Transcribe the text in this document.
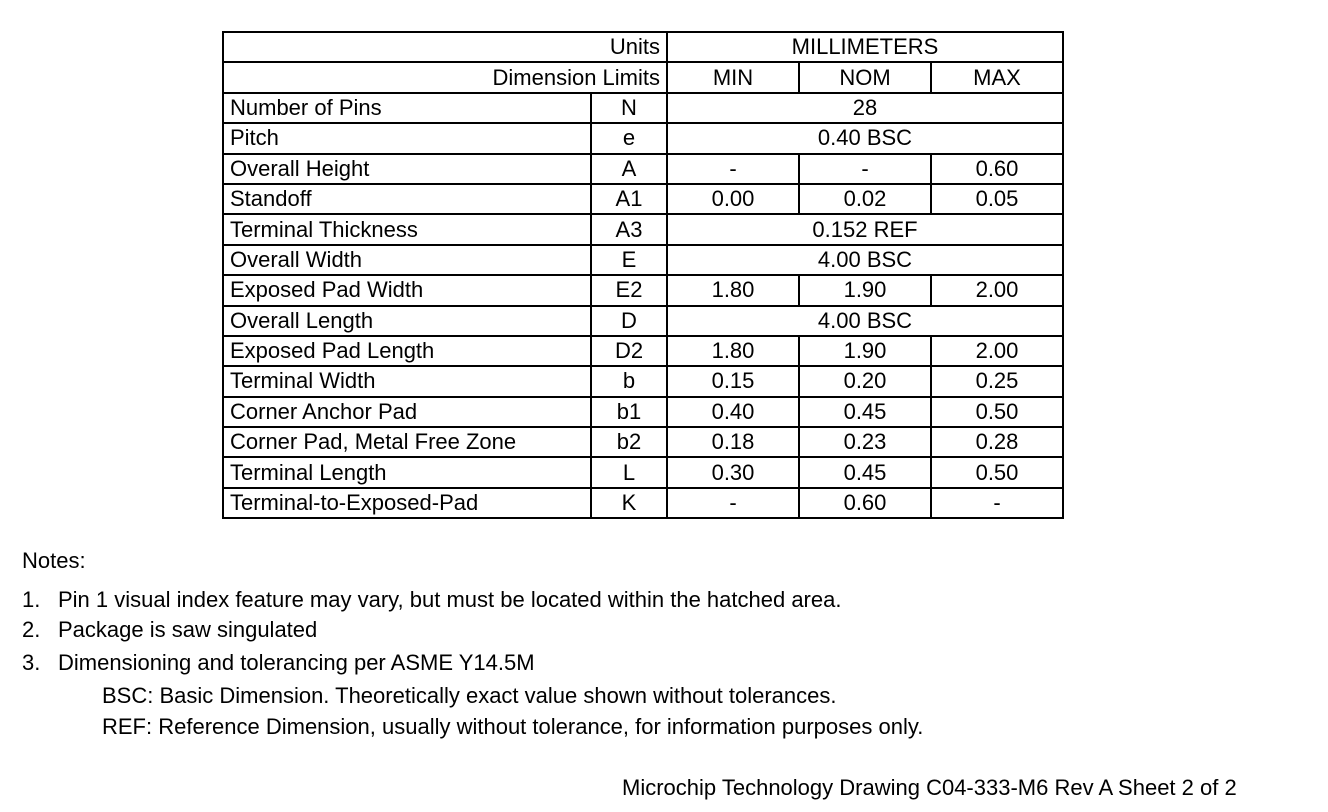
Units		MILLIMETERS		
Dimension Limits		MIN	NOM	MAX
Number of Pins	N	28		
Pitch	e	0.40 BSC		
Overall Height	A	-	-	0.60
Standoff	A1	0.00	0.02	0.05
Terminal Thickness	A3	0.152 REF		
Overall Width	E	4.00 BSC		
Exposed Pad Width	E2	1.80	1.90	2.00
Overall Length	D	4.00 BSC		
Exposed Pad Length	D2	1.80	1.90	2.00
Terminal Width	b	0.15	0.20	0.25
Corner Anchor Pad	b1	0.40	0.45	0.50
Corner Pad, Metal Free Zone	b2	0.18	0.23	0.28
Terminal Length	L	0.30	0.45	0.50
Terminal-to-Exposed-Pad	K	-	0.60	-
Notes:
1. Pin 1 visual index feature may vary, but must be located within the hatched area.
2. Package is saw singulated
3. Dimensioning and tolerancing per ASME Y14.5M
BSC: Basic Dimension. Theoretically exact value shown without tolerances.
REF: Reference Dimension, usually without tolerance, for information purposes only.
Microchip Technology Drawing C04-333-M6 Rev A Sheet 2 of 2
